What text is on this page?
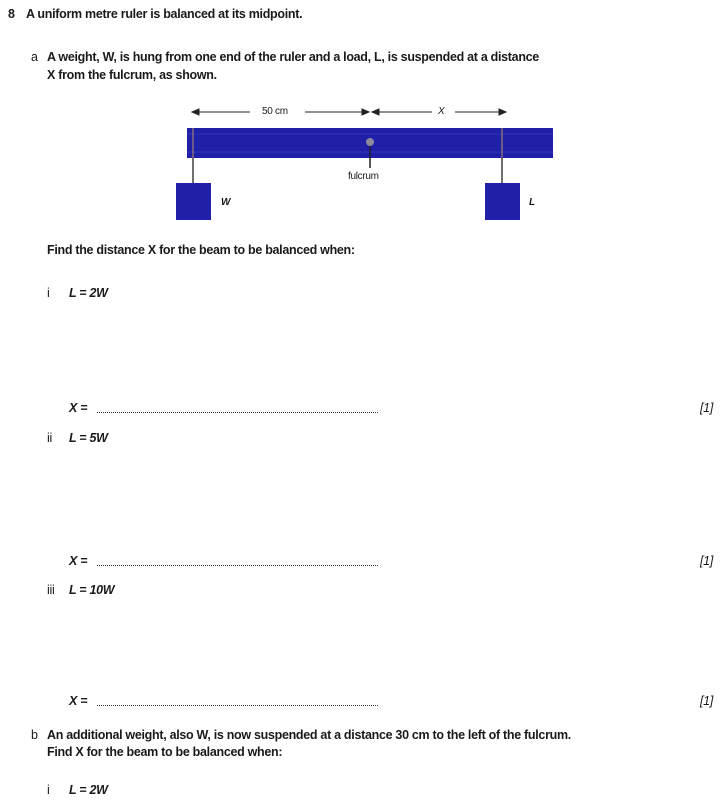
8 A uniform metre ruler is balanced at its midpoint.
a A weight, W, is hung from one end of the ruler and a load, L, is suspended at a distance
X from the fulcrum, as shown.
50 cm	X
fulcrum
W	L
Find the distance X for the beam to be balanced when:
i L = 2W
X =	[1]
ii L = 5W
X =	[1]
iii L = 10W
X =	[1]
b An additional weight, also W, is now suspended at a distance 30 cm to the left of the fulcrum.
Find X for the beam to be balanced when:
i L = 2W
